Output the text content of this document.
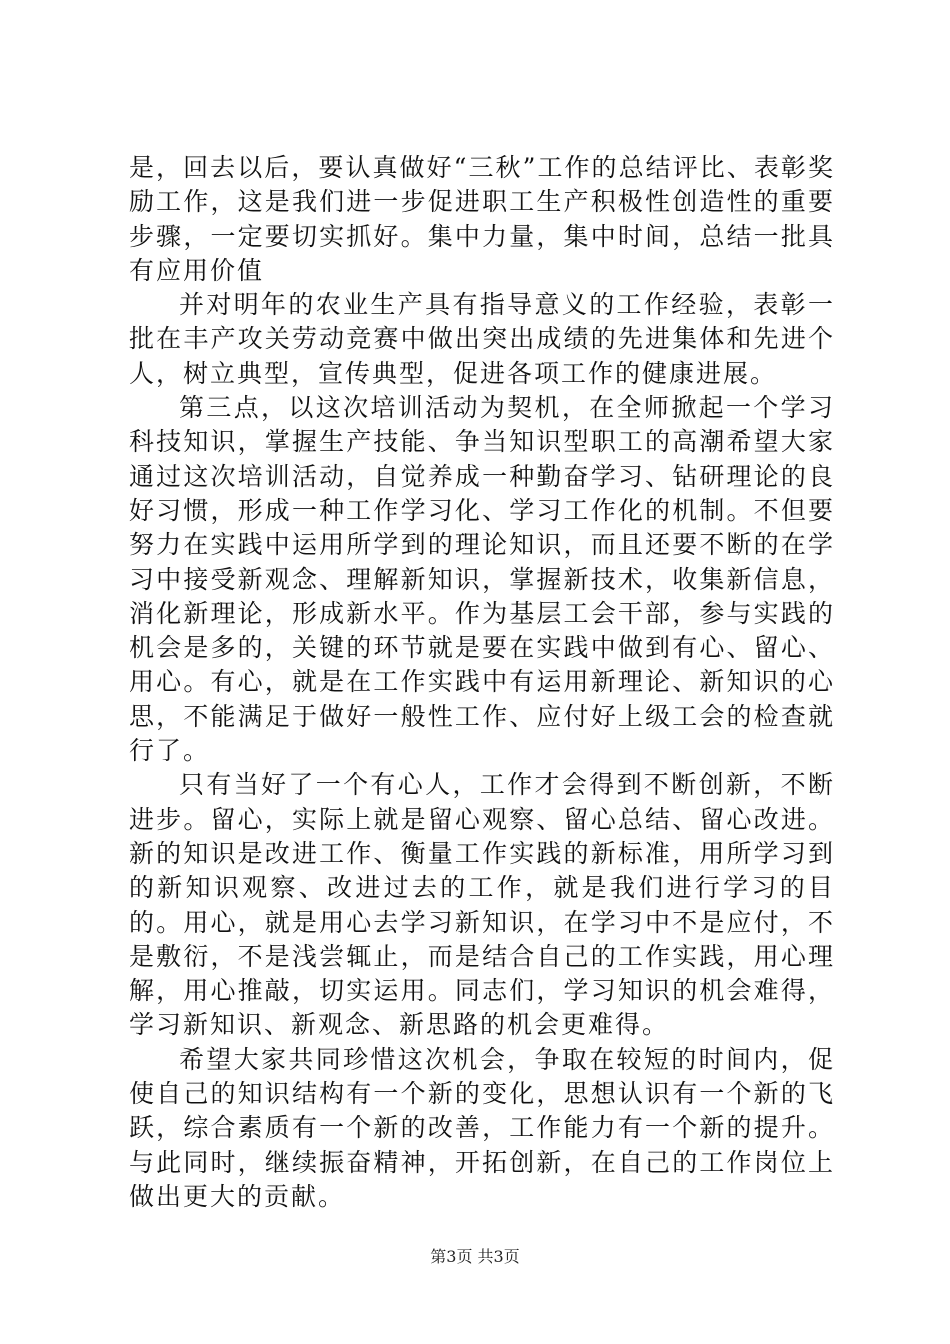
是，回去以后，要认真做好“三秋”工作的总结评比、表彰奖励工作，这是我们进一步促进职工生产积极性创造性的重要步骤，一定要切实抓好。集中力量，集中时间，总结一批具有应用价值

并对明年的农业生产具有指导意义的工作经验，表彰一批在丰产攻关劳动竞赛中做出突出成绩的先进集体和先进个人，树立典型，宣传典型，促进各项工作的健康进展。

第三点，以这次培训活动为契机，在全师掀起一个学习科技知识，掌握生产技能、争当知识型职工的高潮希望大家通过这次培训活动，自觉养成一种勤奋学习、钻研理论的良好习惯，形成一种工作学习化、学习工作化的机制。不但要努力在实践中运用所学到的理论知识，而且还要不断的在学习中接受新观念、理解新知识，掌握新技术，收集新信息，消化新理论，形成新水平。作为基层工会干部，参与实践的机会是多的，关键的环节就是要在实践中做到有心、留心、用心。有心，就是在工作实践中有运用新理论、新知识的心思，不能满足于做好一般性工作、应付好上级工会的检查就行了。

只有当好了一个有心人，工作才会得到不断创新，不断进步。留心，实际上就是留心观察、留心总结、留心改进。新的知识是改进工作、衡量工作实践的新标准，用所学习到的新知识观察、改进过去的工作，就是我们进行学习的目的。用心，就是用心去学习新知识，在学习中不是应付，不是敷衍，不是浅尝辄止，而是结合自己的工作实践，用心理解，用心推敲，切实运用。同志们，学习知识的机会难得，学习新知识、新观念、新思路的机会更难得。

希望大家共同珍惜这次机会，争取在较短的时间内，促使自己的知识结构有一个新的变化，思想认识有一个新的飞跃，综合素质有一个新的改善，工作能力有一个新的提升。与此同时，继续振奋精神，开拓创新，在自己的工作岗位上做出更大的贡献。

第3页 共3页
